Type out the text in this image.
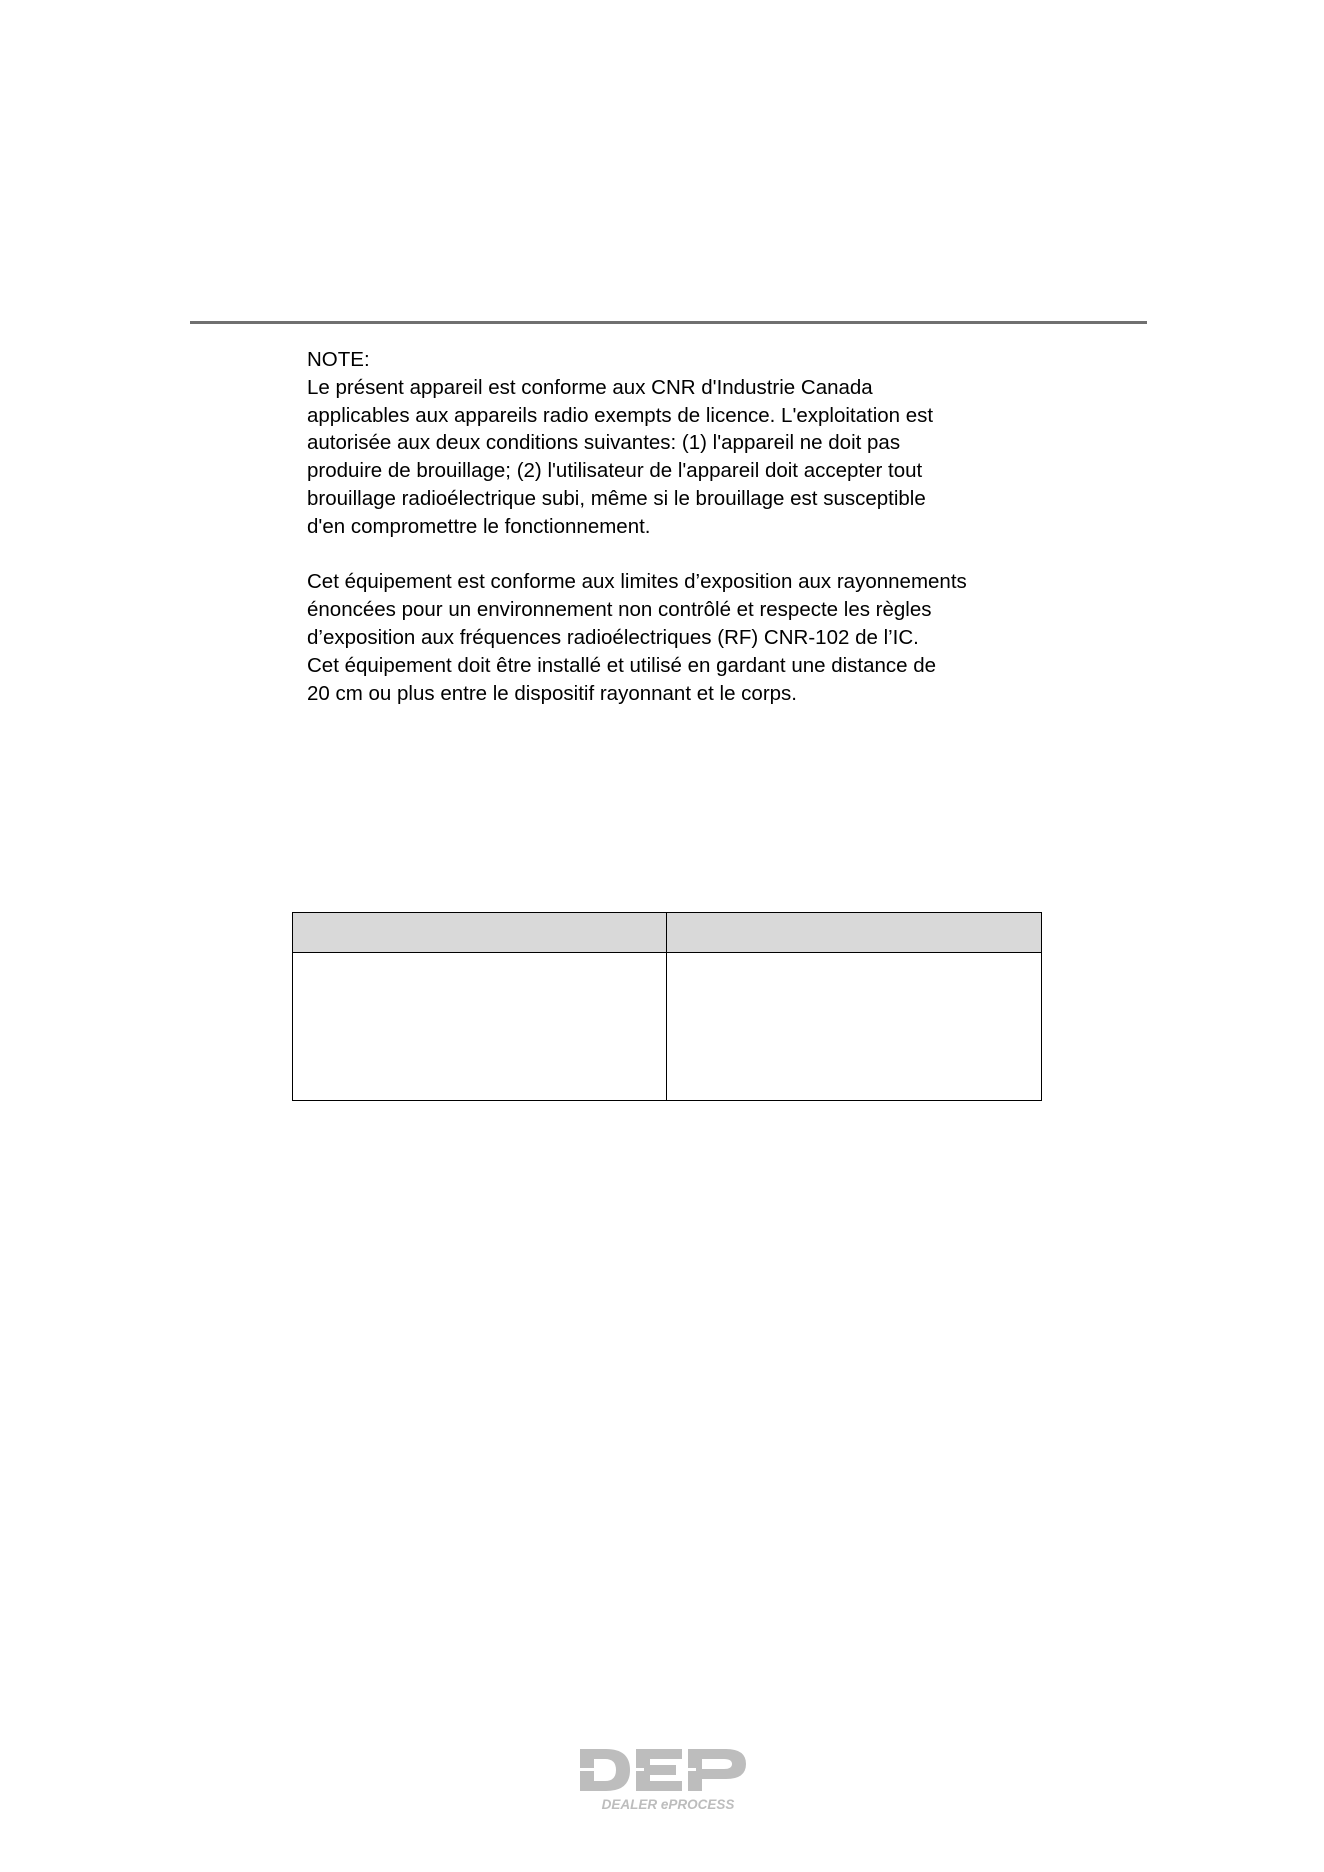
NOTE:
Le présent appareil est conforme aux CNR d'Industrie Canada
applicables aux appareils radio exempts de licence. L'exploitation est
autorisée aux deux conditions suivantes: (1) l'appareil ne doit pas
produire de brouillage; (2) l'utilisateur de l'appareil doit accepter tout
brouillage radioélectrique subi, même si le brouillage est susceptible
d'en compromettre le fonctionnement.
Cet équipement est conforme aux limites d’exposition aux rayonnements
énoncées pour un environnement non contrôlé et respecte les règles
d’exposition aux fréquences radioélectriques (RF) CNR-102 de l’IC.
Cet équipement doit être installé et utilisé en gardant une distance de
20 cm ou plus entre le dispositif rayonnant et le corps.
DEALER ePROCESS
